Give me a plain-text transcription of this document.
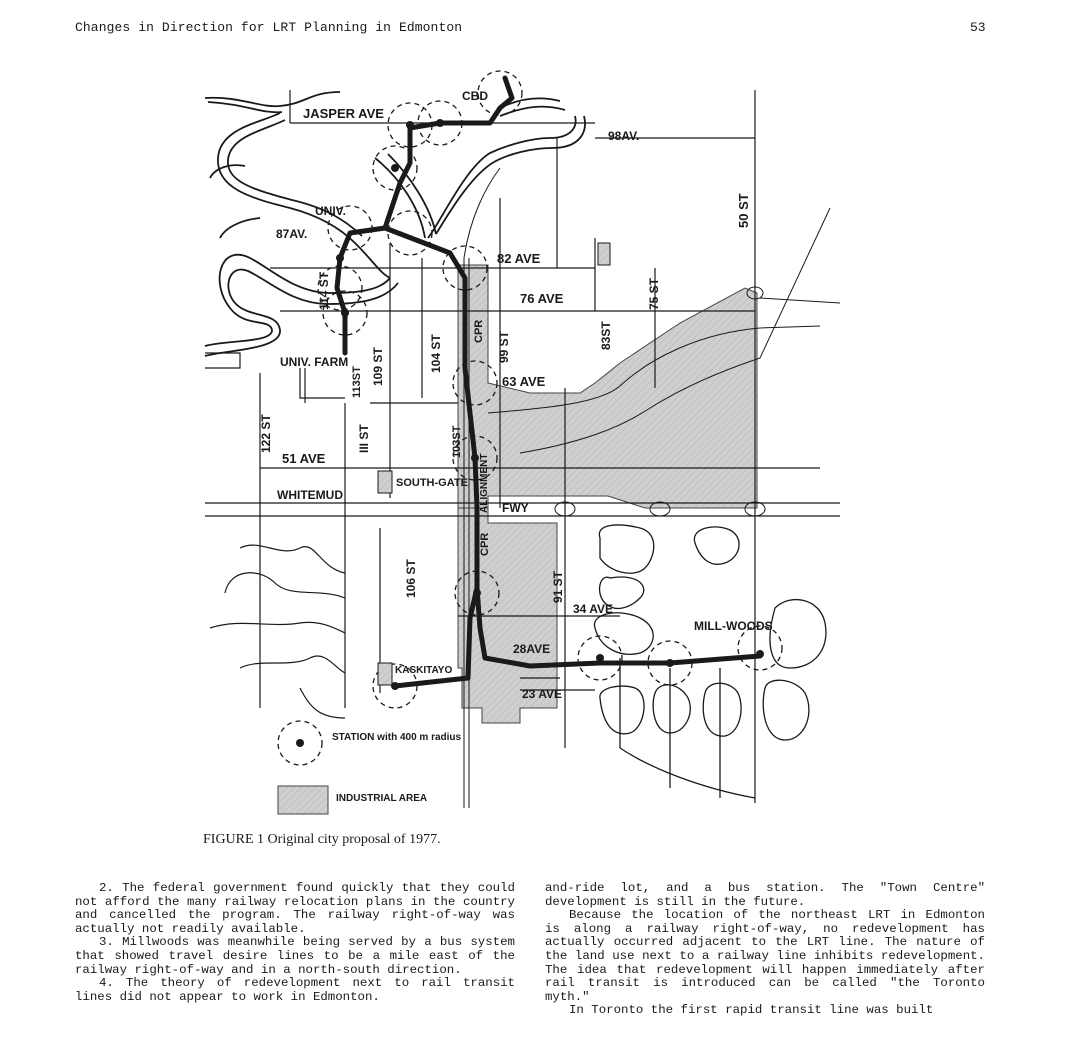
Changes in Direction for LRT Planning in Edmonton	53
CBD
JASPER AVE
98AV.
50 ST
UNIV.
87AV.
82 AVE
114 ST	76 AVE	75 ST
83ST
CPR 99 ST
104 ST
109 ST
UNIV. FARM
113ST	63 AVE
122 ST	III ST	103ST
ALIGNMENT
51 AVE
SOUTH-GATE
WHITEMUD
FWY
CPR
106 ST	91 ST
34 AVE
MILL-WOODS
28AVE
KASKITAYO
23 AVE
STATION with 400 m radius
INDUSTRIAL AREA
FIGURE 1 Original city proposal of 1977.

2. The federal government found quickly that they could not afford the many railway relocation plans in the country and cancelled the program. The railway right-of-way was actually not readily available.

3. Millwoods was meanwhile being served by a bus system that showed travel desire lines to be a mile east of the railway right-of-way and in a north-south direction.

4. The theory of redevelopment next to rail transit lines did not appear to work in Edmonton.

and-ride lot, and a bus station. The "Town Centre" development is still in the future.

Because the location of the northeast LRT in Edmonton is along a railway right-of-way, no redevelopment has actually occurred adjacent to the LRT line. The nature of the land use next to a railway line inhibits redevelopment. The idea that redevelopment will happen immediately after rail transit is introduced can be called "the Toronto myth."

In Toronto the first rapid transit line was built
